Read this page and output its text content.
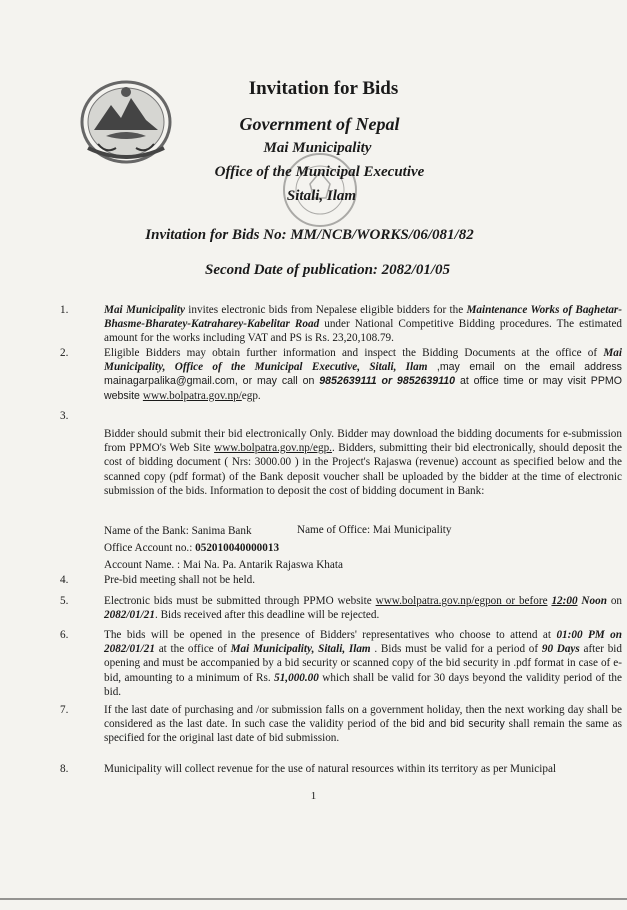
Invitation for Bids
Government of Nepal
Mai Municipality
Office of the Municipal Executive
Sitali, Ilam
Invitation for Bids No: MM/NCB/WORKS/06/081/82
Second Date of publication: 2082/01/05
1.	Mai Municipality invites electronic bids from Nepalese eligible bidders for the Maintenance Works of Baghetar-Bhasme-Bharatey-Katraharey-Kabelitar Road under National Competitive Bidding procedures. The estimated amount for the works including VAT and PS is Rs. 23,20,108.79.
2.	Eligible Bidders may obtain further information and inspect the Bidding Documents at the office of Mai Municipality, Office of the Municipal Executive, Sitali, Ilam ,may email on the email address mainagarpalika@gmail.com, or may call on 9852639111 or 9852639110 at office time or may visit PPMO website www.bolpatra.gov.np/egp.
3.
Bidder should submit their bid electronically Only. Bidder may download the bidding documents for e-submission from PPMO's Web Site www.bolpatra.gov.np/egp.. Bidders, submitting their bid electronically, should deposit the cost of bidding document ( Nrs: 3000.00 ) in the Project's Rajaswa (revenue) account as specified below and the scanned copy (pdf format) of the Bank deposit voucher shall be uploaded by the bidder at the time of electronic submission of the bids. Information to deposit the cost of bidding document in Bank:
Name of the Bank: Sanima Bank	Name of Office: Mai Municipality
Office Account no.: 052010040000013
Account Name. : Mai Na. Pa. Antarik Rajaswa Khata
4.	Pre-bid meeting shall not be held.
5.	Electronic bids must be submitted through PPMO website www.bolpatra.gov.np/egpon or before 12:00 Noon on 2082/01/21. Bids received after this deadline will be rejected.
6.	The bids will be opened in the presence of Bidders' representatives who choose to attend at 01:00 PM on 2082/01/21 at the office of Mai Municipality, Sitali, Ilam . Bids must be valid for a period of 90 Days after bid opening and must be accompanied by a bid security or scanned copy of the bid security in .pdf format in case of e-bid, amounting to a minimum of Rs. 51,000.00 which shall be valid for 30 days beyond the validity period of the bid.
7.	If the last date of purchasing and /or submission falls on a government holiday, then the next working day shall be considered as the last date. In such case the validity period of the bid and bid security shall remain the same as specified for the original last date of bid submission.
8.	Municipality will collect revenue for the use of natural resources within its territory as per Municipal
1
